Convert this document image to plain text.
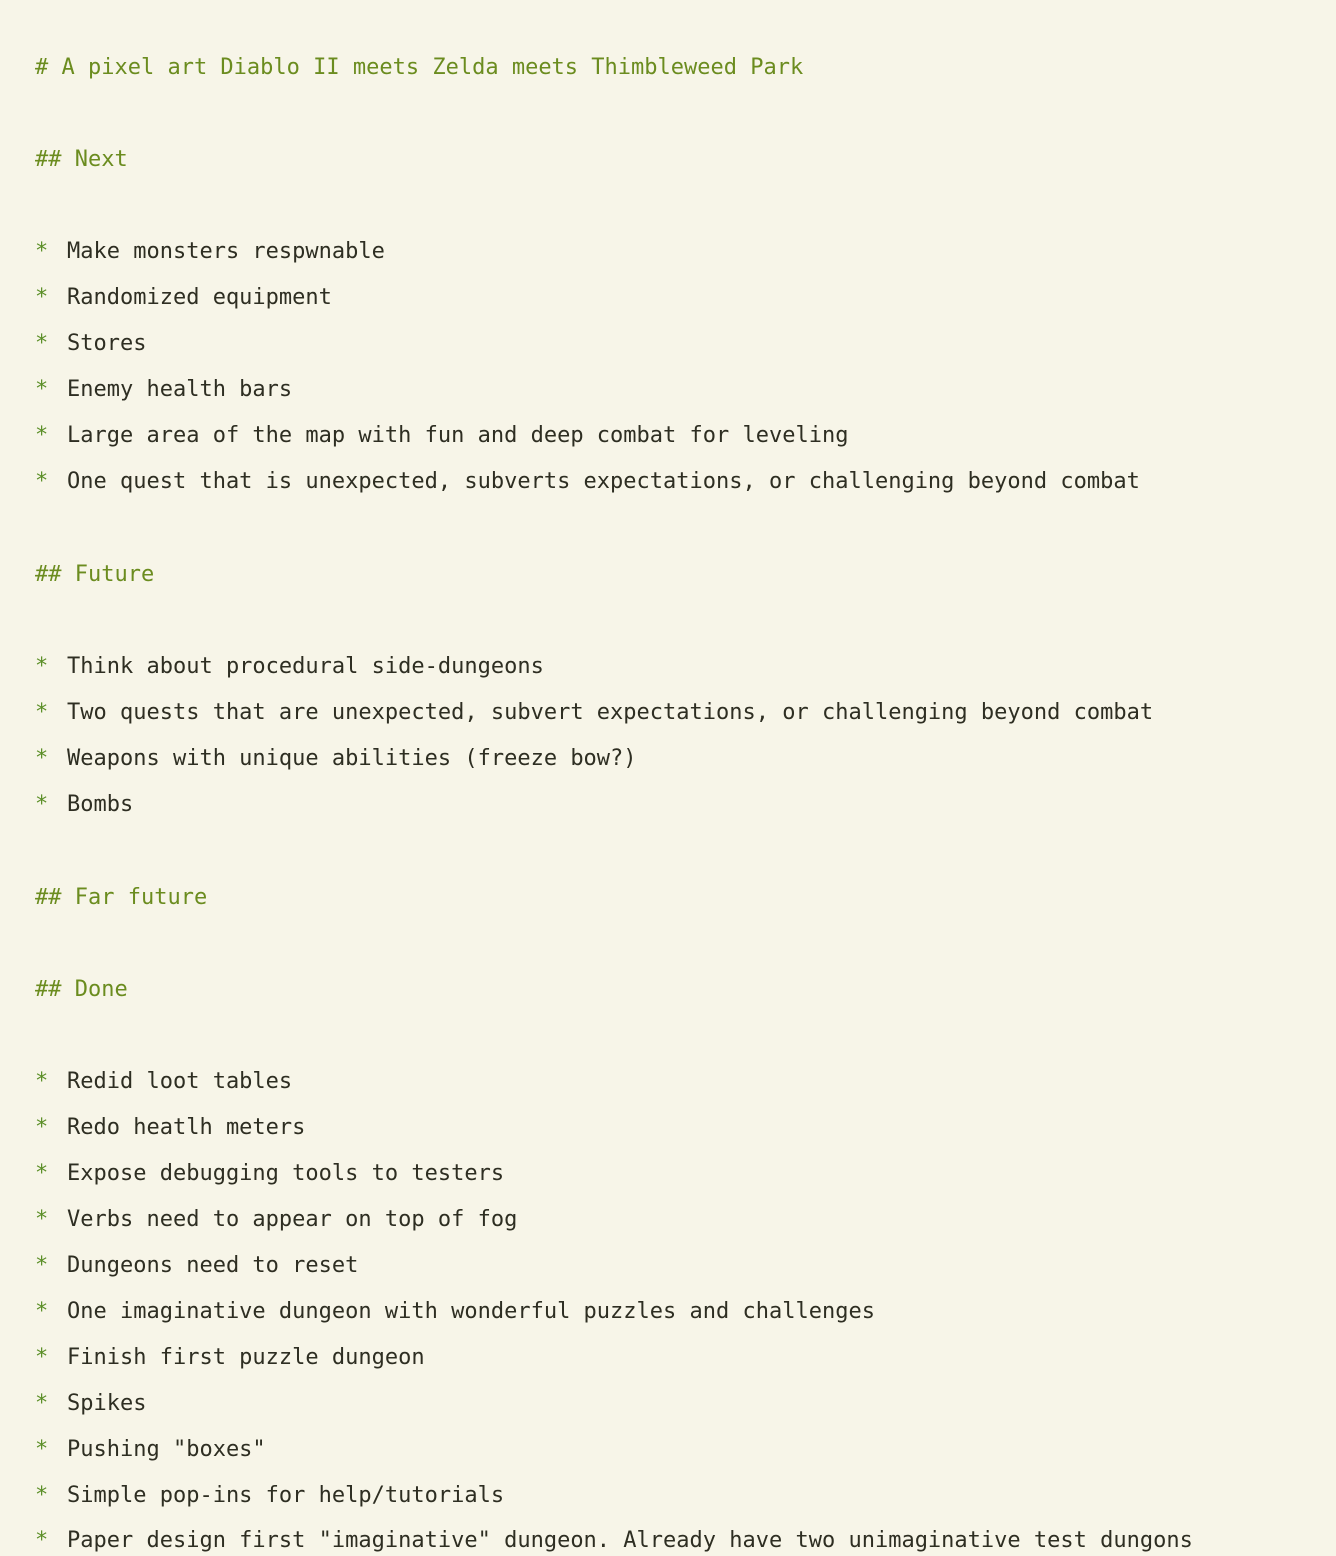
# A pixel art Diablo II meets Zelda meets Thimbleweed Park
## Next
* Make monsters respwnable
* Randomized equipment
* Stores
* Enemy health bars
* Large area of the map with fun and deep combat for leveling
* One quest that is unexpected, subverts expectations, or challenging beyond combat
## Future
* Think about procedural side-dungeons
* Two quests that are unexpected, subvert expectations, or challenging beyond combat
* Weapons with unique abilities (freeze bow?)
* Bombs
## Far future
## Done
* Redid loot tables
* Redo heatlh meters
* Expose debugging tools to testers
* Verbs need to appear on top of fog
* Dungeons need to reset
* One imaginative dungeon with wonderful puzzles and challenges
* Finish first puzzle dungeon
* Spikes
* Pushing "boxes"
* Simple pop-ins for help/tutorials
* Paper design first "imaginative" dungeon. Already have two unimaginative test dungons
